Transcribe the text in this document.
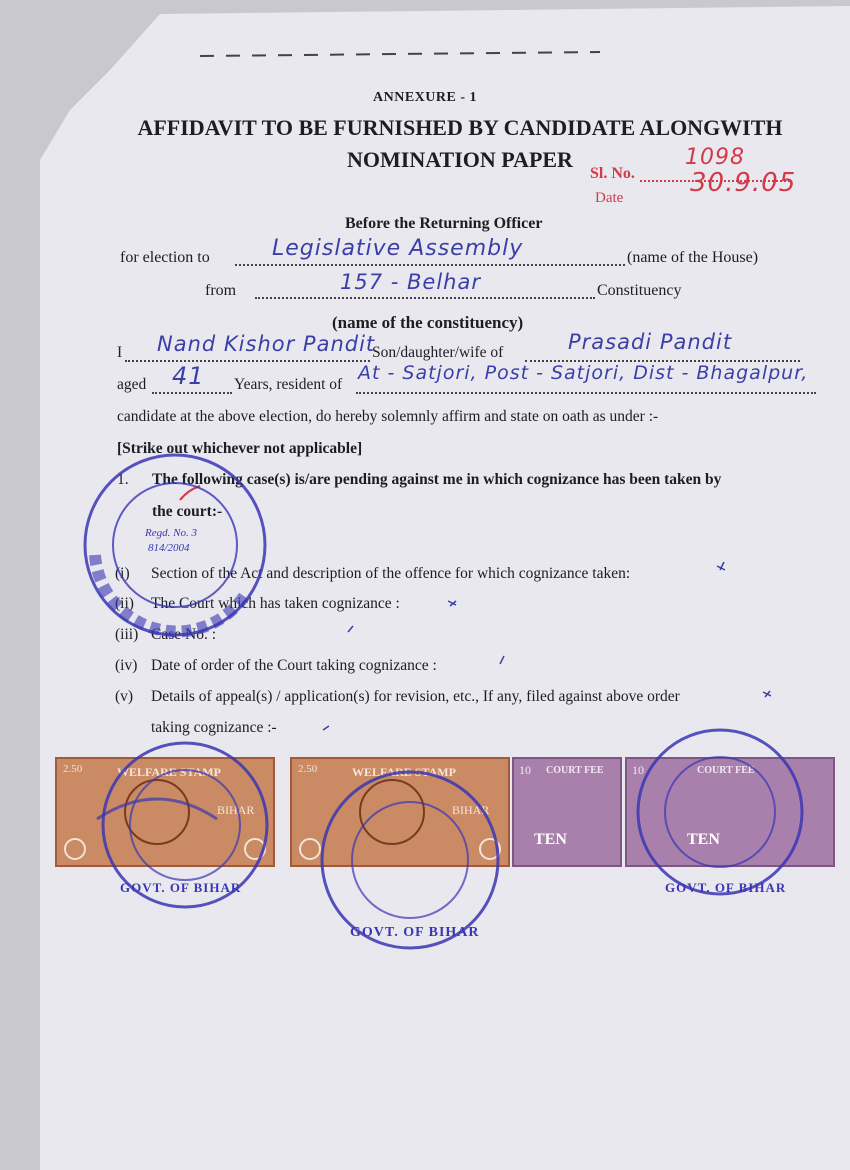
ANNEXURE - 1
AFFIDAVIT TO BE FURNISHED BY CANDIDATE ALONGWITH
NOMINATION PAPER
Sl. No.
1098
Date	30.9.05
Before the Returning Officer
for election to	Legislative Assembly	(name of the House)
from	157 - Belhar	Constituency
(name of the constituency)
I Nand Kishor Pandit
Son/daughter/wife of	Prasadi Pandit
aged 41 Years, resident of
At - Satjori, Post - Satjori, Dist - Bhagalpur,
candidate at the above election, do hereby solemnly affirm and state on oath as under :-
[Strike out whichever not applicable]
1. The following case(s) is/are pending against me in which cognizance has been taken by
the court:-
(i) Section of the Act and description of the offence for which cognizance taken:
(ii) The Court which has taken cognizance :
(iii) Case No. :
(iv) Date of order of the Court taking cognizance :
(v) Details of appeal(s) / application(s) for revision, etc., If any, filed against above order
taking cognizance :-
Regd. No. 3
814/2004
2.50	WELFARE STAMP
BIHAR
2.50	WELFARE STAMP
BIHAR
10 COURT FEE
TEN
10	COURT FEE
TEN
GOVT. OF BIHAR
GOVT. OF BIHAR
GOVT. OF BIHAR
